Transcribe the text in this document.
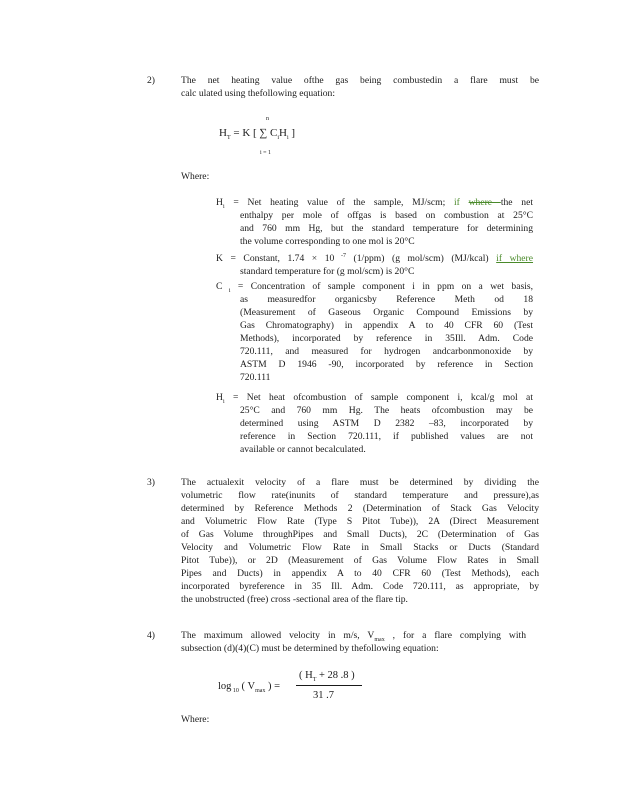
2)	The net heating value ofthe gas being combustedin a flare must be
calc ulated using thefollowing equation:
n
$H_T = K$ [ ∑ $C_iH_i$ ]
i = 1
Where:
$H_i$ = Net heating value of the sample, MJ/scm; if where the net
enthalpy per mole of offgas is based on combustion at 25°C
and 760 mm Hg, but the standard temperature for determining
the volume corresponding to one mol is 20°C
K = Constant, 1.74 × 10 $^{-7}$ (1/ppm) (g mol/scm) (MJ/kcal) if where
standard temperature for (g mol/scm) is 20°C
C $_i$ = Concentration of sample component i in ppm on a wet basis,
as measuredfor organicsby Reference Meth od 18
(Measurement of Gaseous Organic Compound Emissions by
Gas Chromatography) in appendix A to 40 CFR 60 (Test
Methods), incorporated by reference in 35Ill. Adm. Code
720.111, and measured for hydrogen andcarbonmonoxide by
ASTM D 1946 -90, incorporated by reference in Section
720.111
$H_i$ = Net heat ofcombustion of sample component i, kcal/g mol at
25°C and 760 mm Hg. The heats ofcombustion may be
determined using ASTM D 2382 –83, incorporated by
reference in Section 720.111, if published values are not
available or cannot becalculated.
3)	The actualexit velocity of a flare must be determined by dividing the
volumetric flow rate(inunits of standard temperature and pressure),as
determined by Reference Methods 2 (Determination of Stack Gas Velocity
and Volumetric Flow Rate (Type S Pitot Tube)), 2A (Direct Measurement
of Gas Volume throughPipes and Small Ducts), 2C (Determination of Gas
Velocity and Volumetric Flow Rate in Small Stacks or Ducts (Standard
Pitot Tube)), or 2D (Measurement of Gas Volume Flow Rates in Small
Pipes and Ducts) in appendix A to 40 CFR 60 (Test Methods), each
incorporated byreference in 35 Ill. Adm. Code 720.111, as appropriate, by
the unobstructed (free) cross -sectional area of the flare tip.
4)	The maximum allowed velocity in m/s, $V_{max}$ , for a flare complying with
subsection (d)(4)(C) must be determined by thefollowing equation:
log $_{10}$ ( $V_{max}$ ) =
( $H_T + 28$ .8 )
31 .7
Where:
